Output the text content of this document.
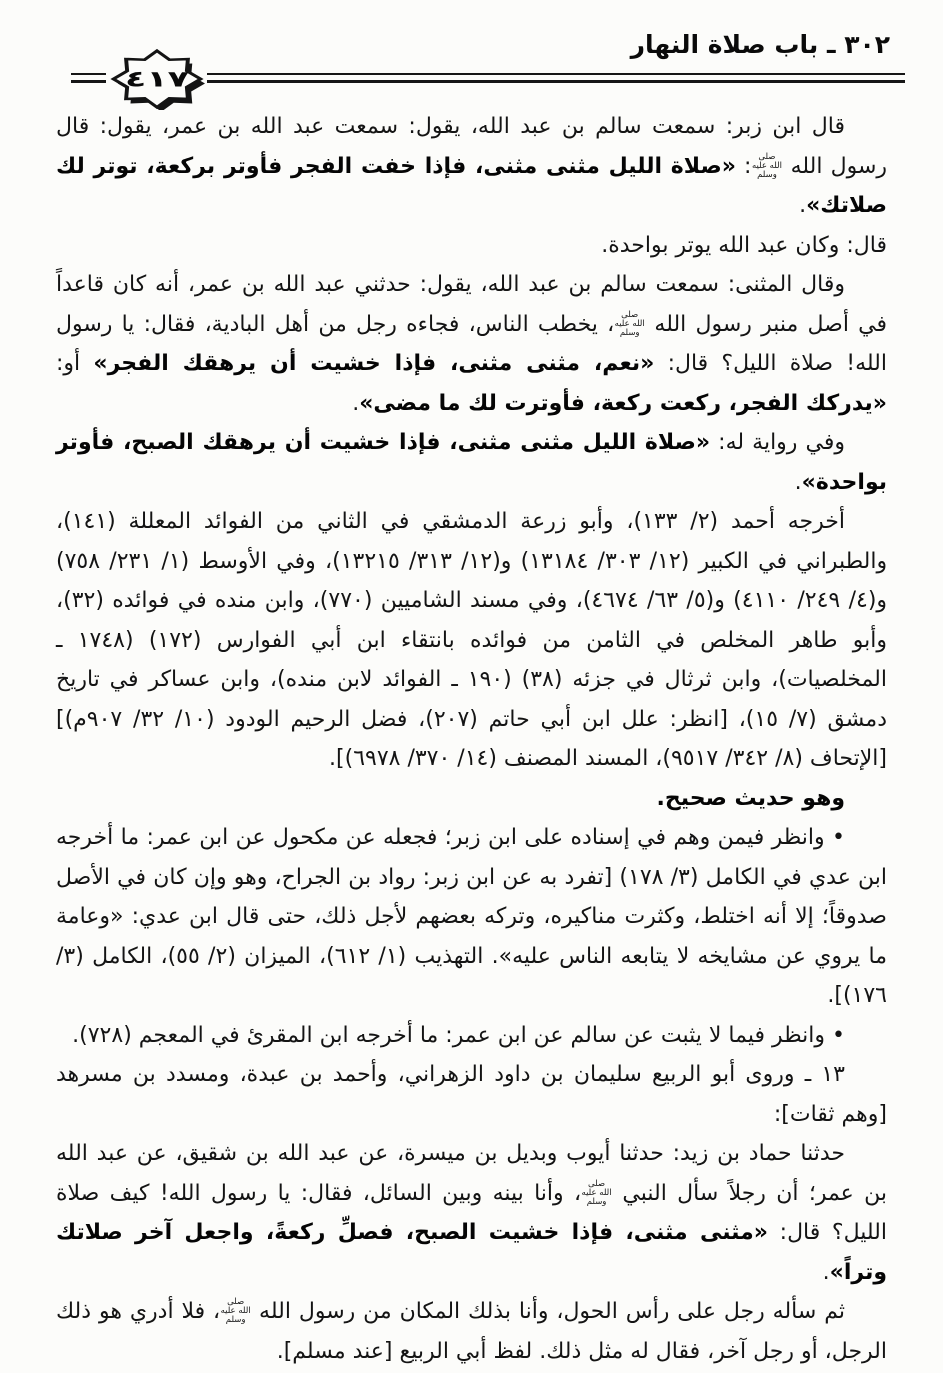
٣٠٢ ـ باب صلاة النهار
٤١٧

قال ابن زبر: سمعت سالم بن عبد الله، يقول: سمعت عبد الله بن عمر، يقول: قال رسول الله صلى الله عليه وسلم: «صلاة الليل مثنى مثنى، فإذا خفت الفجر فأوتر بركعة، توتر لك صلاتك».

قال: وكان عبد الله يوتر بواحدة.

وقال المثنى: سمعت سالم بن عبد الله، يقول: حدثني عبد الله بن عمر، أنه كان قاعداً في أصل منبر رسول الله صلى الله عليه وسلم، يخطب الناس، فجاءه رجل من أهل البادية، فقال: يا رسول الله! صلاة الليل؟ قال: «نعم، مثنى مثنى، فإذا خشيت أن يرهقك الفجر» أو: «يدركك الفجر، ركعت ركعة، فأوترت لك ما مضى».

وفي رواية له: «صلاة الليل مثنى مثنى، فإذا خشيت أن يرهقك الصبح، فأوتر بواحدة».

أخرجه أحمد (٢/ ١٣٣)، وأبو زرعة الدمشقي في الثاني من الفوائد المعللة (١٤١)، والطبراني في الكبير (١٢/ ٣٠٣/ ١٣١٨٤) و(١٢/ ٣١٣/ ١٣٢١٥)، وفي الأوسط (١/ ٢٣١/ ٧٥٨) و(٤/ ٢٤٩/ ٤١١٠) و(٥/ ٦٣/ ٤٦٧٤)، وفي مسند الشاميين (٧٧٠)، وابن منده في فوائده (٣٢)، وأبو طاهر المخلص في الثامن من فوائده بانتقاء ابن أبي الفوارس (١٧٢) (١٧٤٨ ـ المخلصيات)، وابن ثرثال في جزئه (٣٨) (١٩٠ ـ الفوائد لابن منده)، وابن عساكر في تاريخ دمشق (٧/ ١٥)، [انظر: علل ابن أبي حاتم (٢٠٧)، فضل الرحيم الودود (١٠/ ٣٢/ ٩٠٧م)] [الإتحاف (٨/ ٣٤٢/ ٩٥١٧)، المسند المصنف (١٤/ ٣٧٠/ ٦٩٧٨)].

وهو حديث صحيح.

• وانظر فيمن وهم في إسناده على ابن زبر؛ فجعله عن مكحول عن ابن عمر: ما أخرجه ابن عدي في الكامل (٣/ ١٧٨) [تفرد به عن ابن زبر: رواد بن الجراح، وهو وإن كان في الأصل صدوقاً؛ إلا أنه اختلط، وكثرت مناكيره، وتركه بعضهم لأجل ذلك، حتى قال ابن عدي: «وعامة ما يروي عن مشايخه لا يتابعه الناس عليه». التهذيب (١/ ٦١٢)، الميزان (٢/ ٥٥)، الكامل (٣/ ١٧٦)].

• وانظر فيما لا يثبت عن سالم عن ابن عمر: ما أخرجه ابن المقرئ في المعجم (٧٢٨).

١٣ ـ وروى أبو الربيع سليمان بن داود الزهراني، وأحمد بن عبدة، ومسدد بن مسرهد [وهم ثقات]:

حدثنا حماد بن زيد: حدثنا أيوب وبديل بن ميسرة، عن عبد الله بن شقيق، عن عبد الله بن عمر؛ أن رجلاً سأل النبي صلى الله عليه وسلم، وأنا بينه وبين السائل، فقال: يا رسول الله! كيف صلاة الليل؟ قال: «مثنى مثنى، فإذا خشيت الصبح، فصلِّ ركعةً، واجعل آخر صلاتك وتراً».

ثم سأله رجل على رأس الحول، وأنا بذلك المكان من رسول الله صلى الله عليه وسلم، فلا أدري هو ذلك الرجل، أو رجل آخر، فقال له مثل ذلك. لفظ أبي الربيع [عند مسلم].
